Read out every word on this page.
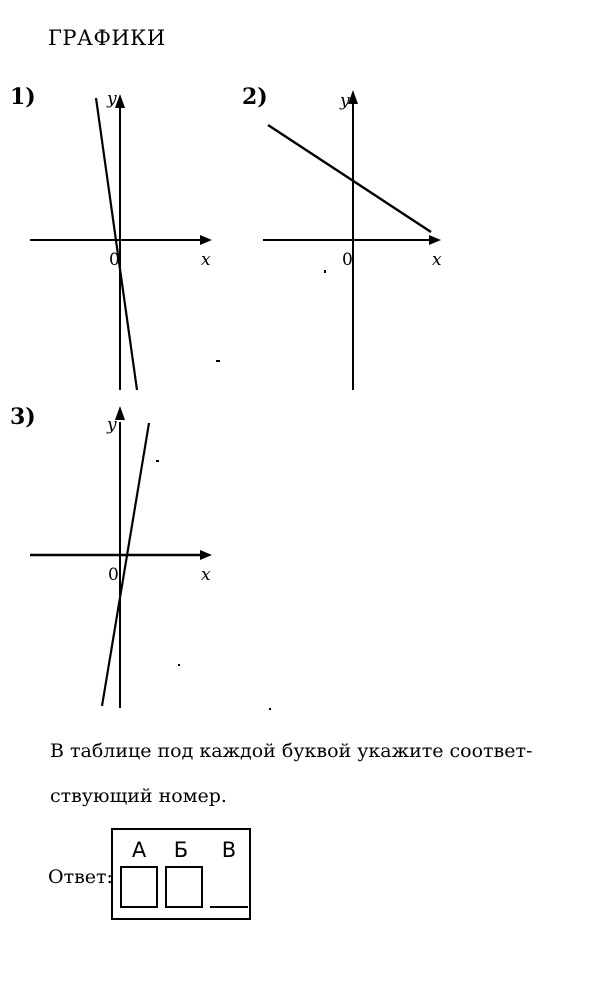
ГРАФИКИ
1)	2)
3)
y
0	x
y
0	x
y
0	x
В таблице под каждой буквой укажите соответ-
ствующий номер.
Ответ:
А	Б	В
